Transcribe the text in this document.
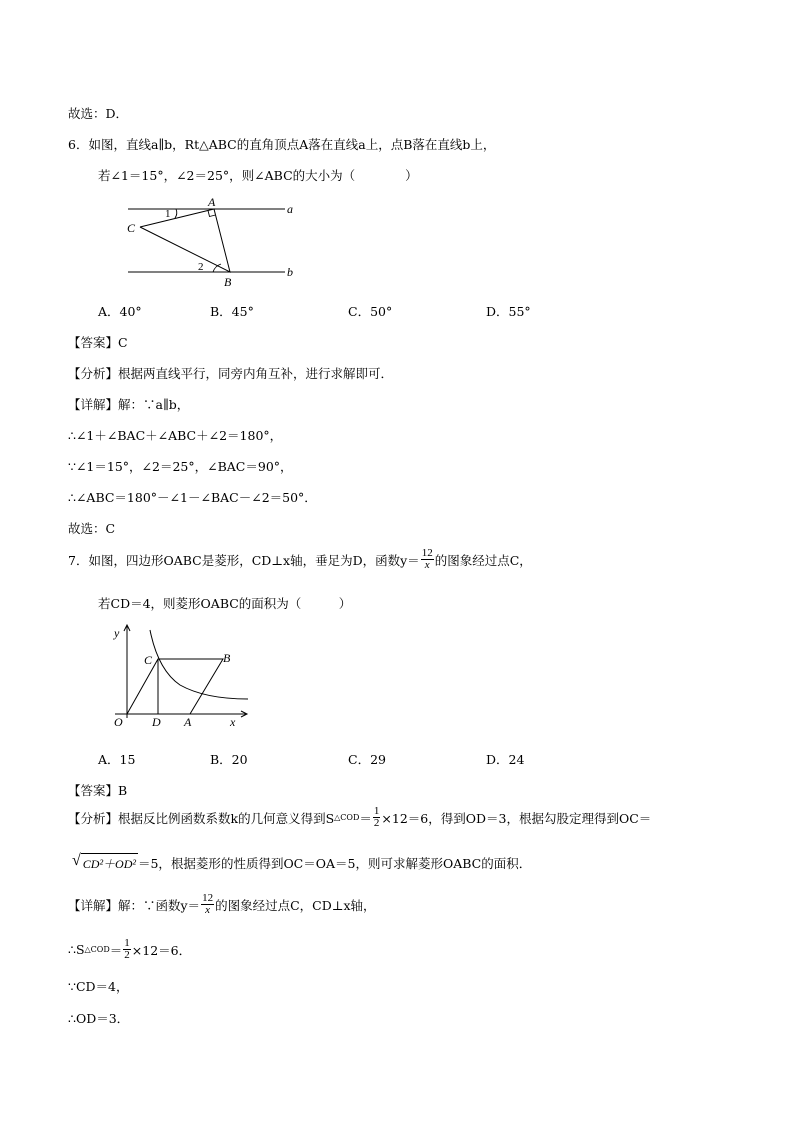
故选：D．
6．如图，直线a∥b，Rt△ABC的直角顶点A落在直线a上，点B落在直线b上，
若∠1＝15°，∠2＝25°，则∠ABC的大小为（　　　　）
A
C
B
a
b
1
2
A．40°	B．45°	C．50°	D．55°
【答案】C
【分析】根据两直线平行，同旁内角互补，进行求解即可．
【详解】解：∵a∥b，
∴∠1＋∠BAC＋∠ABC＋∠2＝180°，
∵∠1＝15°，∠2＝25°，∠BAC＝90°，
∴∠ABC＝180°－∠1－∠BAC－∠2＝50°．
故选：C
7．如图，四边形OABC是菱形，CD⊥x轴，垂足为D，函数$y= \frac{12}{x}$ 的图象经过点C，
若CD＝4，则菱形OABC的面积为（　　　）
y
x
O D A
C	B
A．15	B．20	C．29	D．24
【答案】B
【分析】根据反比例函数系数k的几何意义得到S △COD ＝ $\frac{1}{2} \times 12=6$，得到OD＝3，根据勾股定理得到OC＝
√ CD²＋OD² ＝5，根据菱形的性质得到OC＝OA＝5，则可求解菱形OABC的面积．
【详解】解：∵函数$y= \frac{12}{x}$ 的图象经过点C，CD⊥x轴，
∴S △COD ＝ $\frac{1}{2} \times 12=6$．
∵CD＝4，
∴OD＝3．
